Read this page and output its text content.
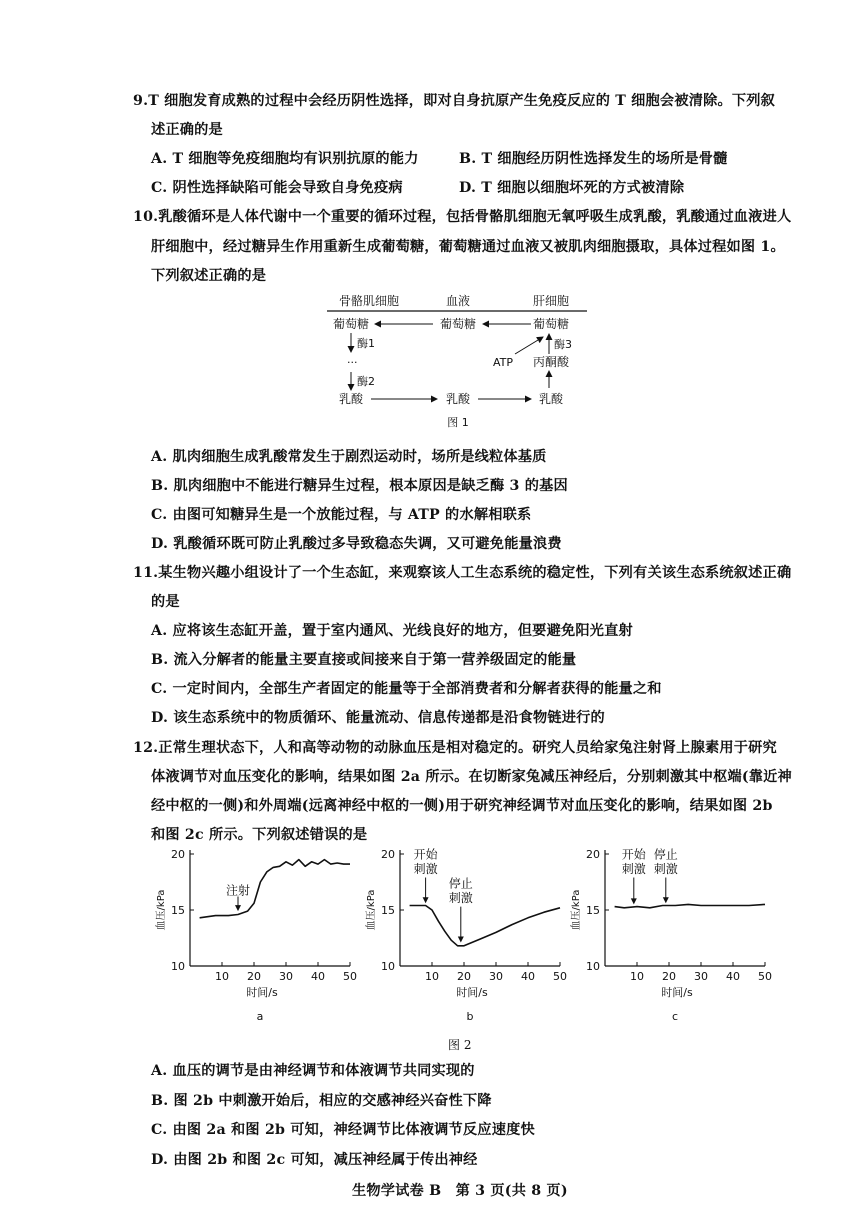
9.T 细胞发育成熟的过程中会经历阴性选择，即对自身抗原产生免疫反应的 T 细胞会被清除。下列叙
述正确的是
A. T 细胞等免疫细胞均有识别抗原的能力	B. T 细胞经历阴性选择发生的场所是骨髓
C. 阴性选择缺陷可能会导致自身免疫病	D. T 细胞以细胞坏死的方式被清除
10.乳酸循环是人体代谢中一个重要的循环过程，包括骨骼肌细胞无氧呼吸生成乳酸，乳酸通过血液进人
肝细胞中，经过糖异生作用重新生成葡萄糖，葡萄糖通过血液又被肌肉细胞摄取，具体过程如图 1。
下列叙述正确的是
骨骼肌细胞	血液	肝细胞
葡萄糖	葡萄糖	葡萄糖
酶1
···
酶2
乳酸	乳酸	乳酸
丙酮酸
酶3
ATP
图 1
A. 肌肉细胞生成乳酸常发生于剧烈运动时，场所是线粒体基质
B. 肌肉细胞中不能进行糖异生过程，根本原因是缺乏酶 3 的基因
C. 由图可知糖异生是一个放能过程，与 ATP 的水解相联系
D. 乳酸循环既可防止乳酸过多导致稳态失调，又可避免能量浪费
11.某生物兴趣小组设计了一个生态缸，来观察该人工生态系统的稳定性，下列有关该生态系统叙述正确
的是
A. 应将该生态缸开盖，置于室内通风、光线良好的地方，但要避免阳光直射
B. 流入分解者的能量主要直接或间接来自于第一营养级固定的能量
C. 一定时间内，全部生产者固定的能量等于全部消费者和分解者获得的能量之和
D. 该生态系统中的物质循环、能量流动、信息传递都是沿食物链进行的
12.正常生理状态下，人和高等动物的动脉血压是相对稳定的。研究人员给家兔注射肾上腺素用于研究
体液调节对血压变化的影响，结果如图 2a 所示。在切断家兔减压神经后，分别刺激其中枢端(靠近神
经中枢的一侧)和外周端(远离神经中枢的一侧)用于研究神经调节对血压变化的影响，结果如图 2b
和图 2c 所示。下列叙述错误的是
20
15
10
10 20 30 40 50
血压/kPa
时间/s
a
注射
20
15
10
10 20 30 40 50
血压/kPa
时间/s
b
开始
刺激
停止
刺激
20
15
10
10 20 30 40 50
血压/kPa
时间/s
c
开始
刺激
停止
刺激
图 2
A. 血压的调节是由神经调节和体液调节共同实现的
B. 图 2b 中刺激开始后，相应的交感神经兴奋性下降
C. 由图 2a 和图 2b 可知，神经调节比体液调节反应速度快
D. 由图 2b 和图 2c 可知，减压神经属于传出神经
生物学试卷 B　第 3 页(共 8 页)
